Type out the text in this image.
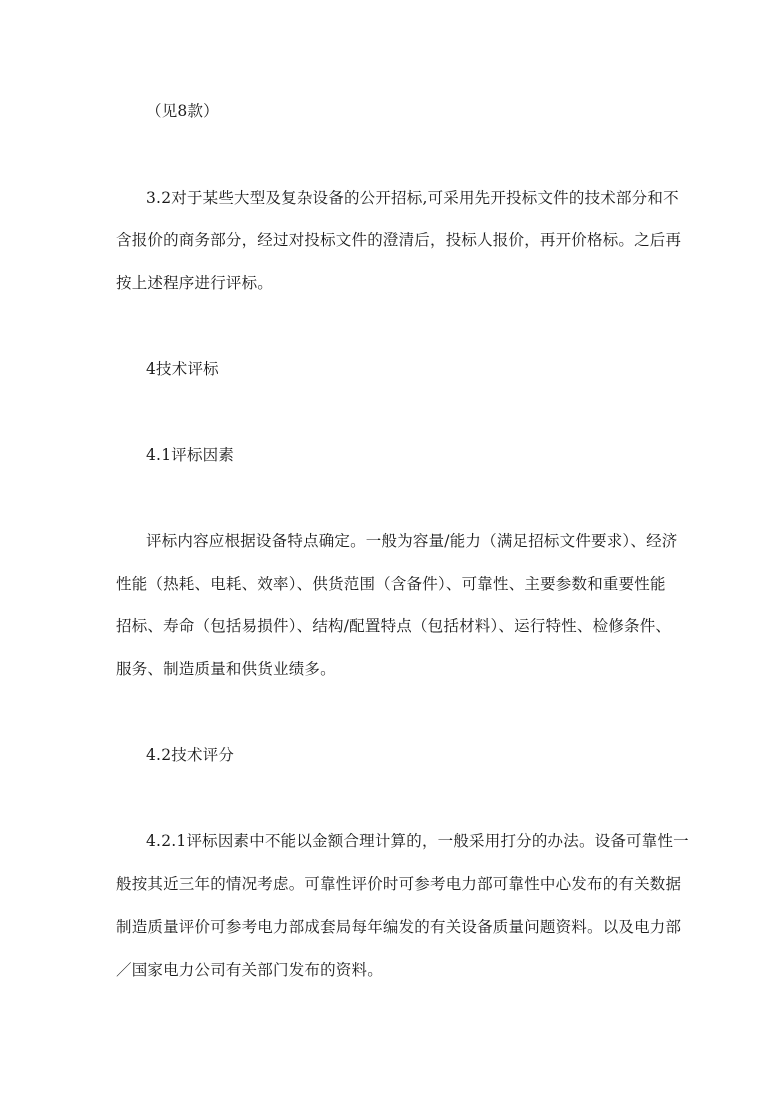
（见8款）
3.2对于某些大型及复杂设备的公开招标,可采用先开投标文件的技术部分和不
含报价的商务部分，经过对投标文件的澄清后，投标人报价，再开价格标。之后再
按上述程序进行评标。
4技术评标
4.1评标因素
评标内容应根据设备特点确定。一般为容量/能力（满足招标文件要求）、经济
性能（热耗、电耗、效率）、供货范围（含备件）、可靠性、主要参数和重要性能
招标、寿命（包括易损件）、结构/配置特点（包括材料）、运行特性、检修条件、
服务、制造质量和供货业绩多。
4.2技术评分
4.2.1评标因素中不能以金额合理计算的，一般采用打分的办法。设备可靠性一
般按其近三年的情况考虑。可靠性评价时可参考电力部可靠性中心发布的有关数据
制造质量评价可参考电力部成套局每年编发的有关设备质量问题资料。以及电力部
／国家电力公司有关部门发布的资料。
